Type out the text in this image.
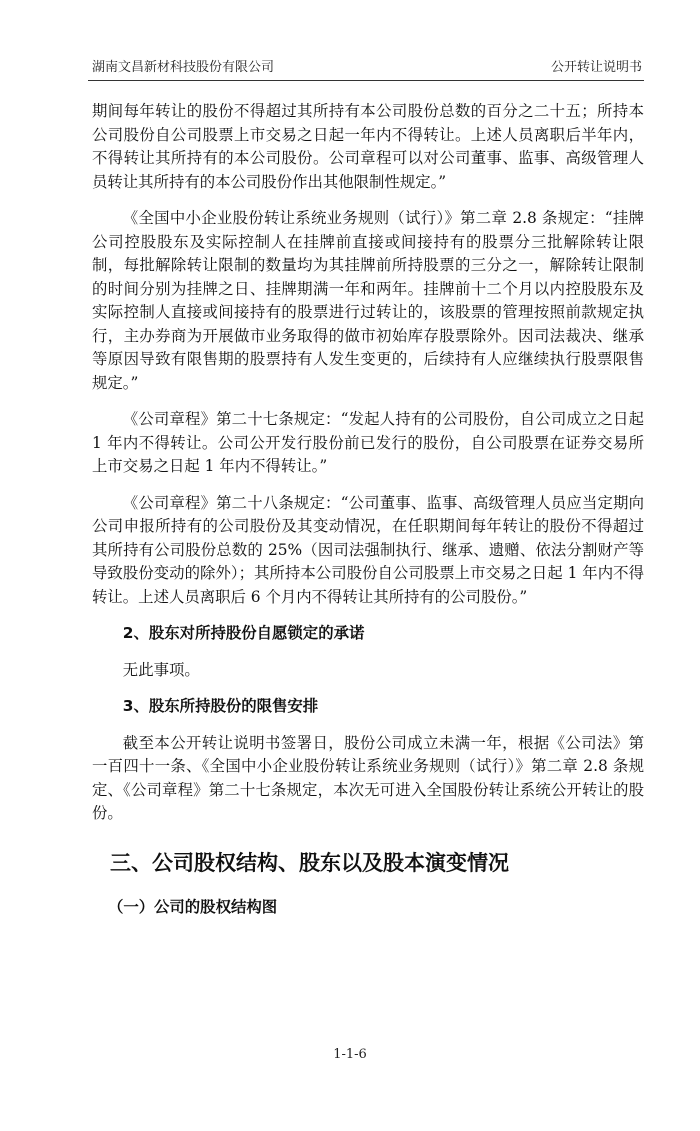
湖南文昌新材科技股份有限公司	公开转让说明书

期间每年转让的股份不得超过其所持有本公司股份总数的百分之二十五；所持本公司股份自公司股票上市交易之日起一年内不得转让。上述人员离职后半年内，不得转让其所持有的本公司股份。公司章程可以对公司董事、监事、高级管理人员转让其所持有的本公司股份作出其他限制性规定。”

《全国中小企业股份转让系统业务规则（试行）》第二章 2.8 条规定：“挂牌公司控股股东及实际控制人在挂牌前直接或间接持有的股票分三批解除转让限制，每批解除转让限制的数量均为其挂牌前所持股票的三分之一，解除转让限制的时间分别为挂牌之日、挂牌期满一年和两年。挂牌前十二个月以内控股股东及实际控制人直接或间接持有的股票进行过转让的，该股票的管理按照前款规定执行，主办券商为开展做市业务取得的做市初始库存股票除外。因司法裁决、继承等原因导致有限售期的股票持有人发生变更的，后续持有人应继续执行股票限售规定。”

《公司章程》第二十七条规定：“发起人持有的公司股份，自公司成立之日起 1 年内不得转让。公司公开发行股份前已发行的股份，自公司股票在证券交易所上市交易之日起 1 年内不得转让。”

《公司章程》第二十八条规定：“公司董事、监事、高级管理人员应当定期向公司申报所持有的公司股份及其变动情况，在任职期间每年转让的股份不得超过其所持有公司股份总数的 25%（因司法强制执行、继承、遗赠、依法分割财产等导致股份变动的除外）；其所持本公司股份自公司股票上市交易之日起 1 年内不得转让。上述人员离职后 6 个月内不得转让其所持有的公司股份。”

2、股东对所持股份自愿锁定的承诺

无此事项。

3、股东所持股份的限售安排

截至本公开转让说明书签署日，股份公司成立未满一年，根据《公司法》第一百四十一条、《全国中小企业股份转让系统业务规则（试行）》第二章 2.8 条规定、《公司章程》第二十七条规定，本次无可进入全国股份转让系统公开转让的股份。

三、公司股权结构、股东以及股本演变情况
（一）公司的股权结构图
1-1-6
